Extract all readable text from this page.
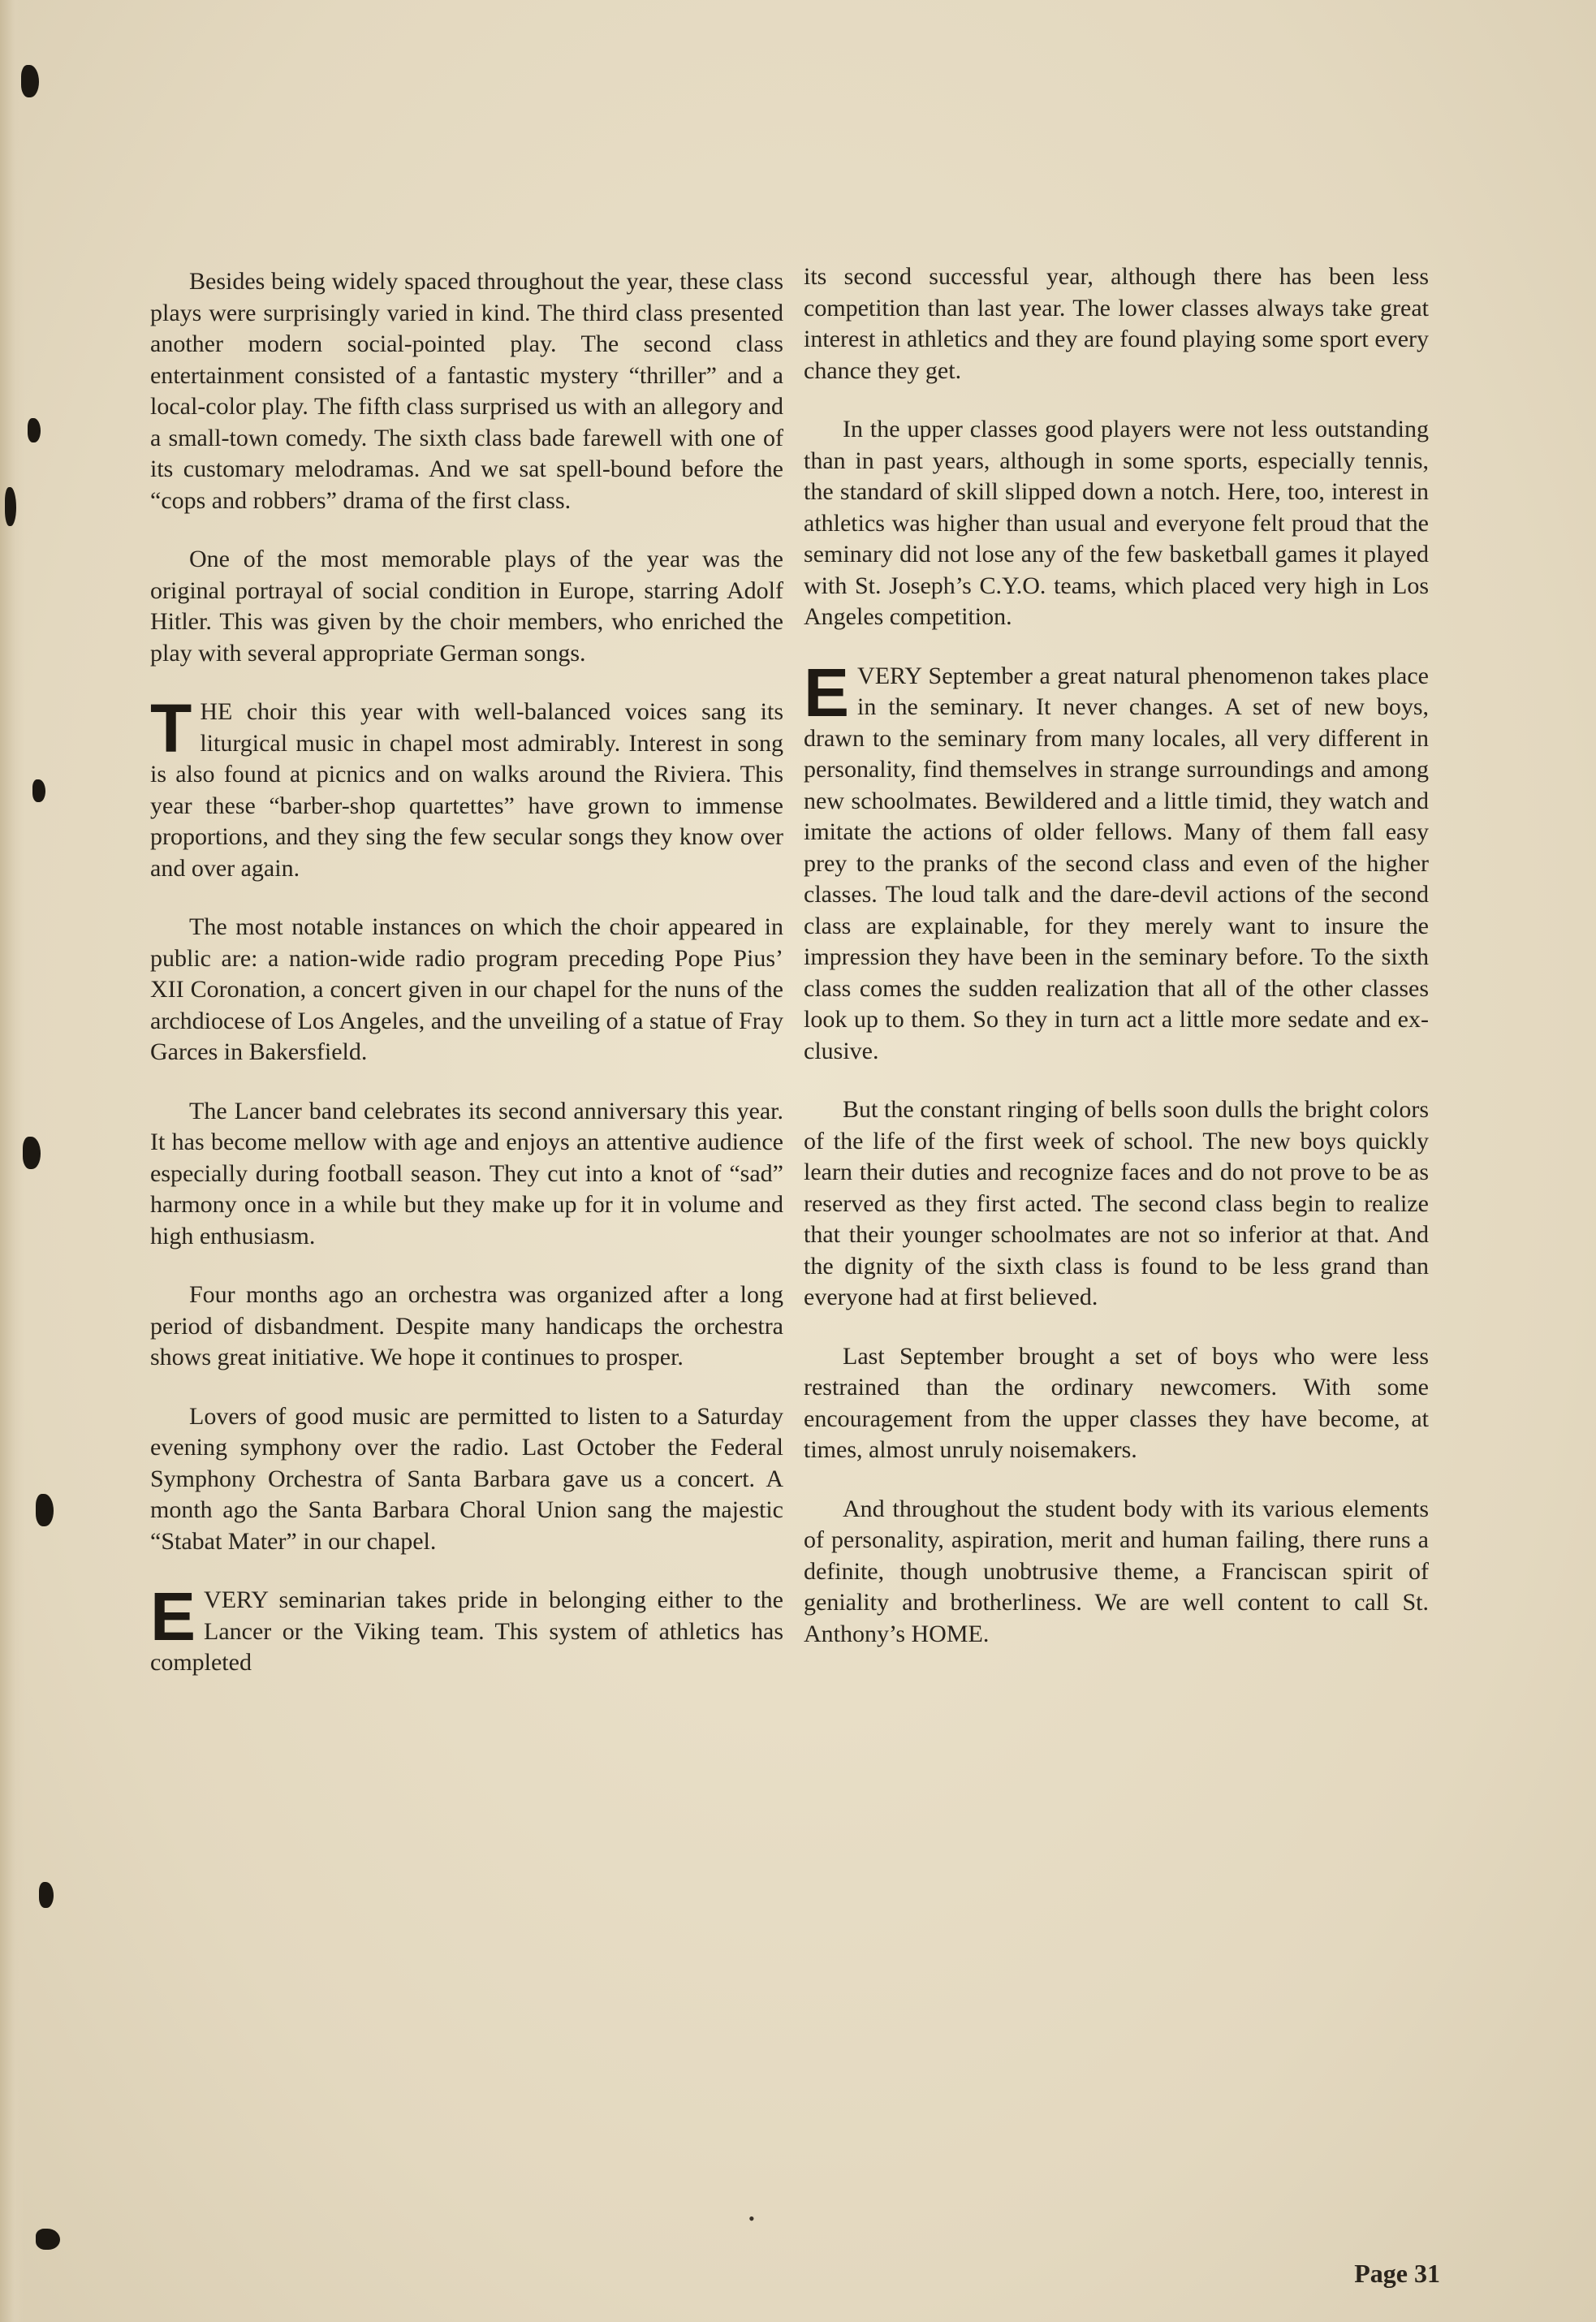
Besides being widely spaced throughout the year, these class plays were surprisingly varied in kind. The third class presented another modern social-pointed play. The second class entertainment consisted of a fantastic mystery “thriller” and a local-color play. The fifth class surprised us with an allegory and a small-town comedy. The sixth class bade farewell with one of its customary melodramas. And we sat spell-bound before the “cops and robbers” drama of the first class.

One of the most memorable plays of the year was the original portrayal of social condition in Europe, starring Adolf Hitler. This was given by the choir members, who enriched the play with several appropriate German songs.

THE choir this year with well-balanced voices sang its liturgical music in chapel most admirably. Interest in song is also found at picnics and on walks around the Riviera. This year these “barber-shop quartettes” have grown to immense proportions, and they sing the few secular songs they know over and over again.

The most notable instances on which the choir appeared in public are: a nation-wide radio program preceding Pope Pius’ XII Coronation, a concert given in our chapel for the nuns of the archdiocese of Los Angeles, and the unveiling of a statue of Fray Garces in Bakersfield.

The Lancer band celebrates its second anniversary this year. It has become mellow with age and enjoys an attentive audience especially during football season. They cut into a knot of “sad” harmony once in a while but they make up for it in volume and high enthusiasm.

Four months ago an orchestra was organized after a long period of disbandment. Despite many handicaps the orchestra shows great initiative. We hope it continues to prosper.

Lovers of good music are permitted to listen to a Saturday evening symphony over the radio. Last October the Federal Symphony Orchestra of Santa Barbara gave us a concert. A month ago the Santa Barbara Choral Union sang the majestic “Stabat Mater” in our chapel.

EVERY seminarian takes pride in belonging either to the Lancer or the Viking team. This system of athletics has completed

its second successful year, although there has been less competition than last year. The lower classes always take great interest in athletics and they are found playing some sport every chance they get.

In the upper classes good players were not less outstanding than in past years, although in some sports, especially tennis, the standard of skill slipped down a notch. Here, too, interest in athletics was higher than usual and everyone felt proud that the seminary did not lose any of the few basketball games it played with St. Joseph’s C.Y.O. teams, which placed very high in Los Angeles competition.

EVERY September a great natural phenomenon takes place in the seminary. It never changes. A set of new boys, drawn to the seminary from many locales, all very different in personality, find themselves in strange surroundings and among new schoolmates. Bewildered and a little timid, they watch and imitate the actions of older fellows. Many of them fall easy prey to the pranks of the second class and even of the higher classes. The loud talk and the dare-devil actions of the second class are explainable, for they merely want to insure the impression they have been in the seminary before. To the sixth class comes the sudden realization that all of the other classes look up to them. So they in turn act a little more sedate and exclusive.

But the constant ringing of bells soon dulls the bright colors of the life of the first week of school. The new boys quickly learn their duties and recognize faces and do not prove to be as reserved as they first acted. The second class begin to realize that their younger schoolmates are not so inferior at that. And the dignity of the sixth class is found to be less grand than everyone had at first believed.

Last September brought a set of boys who were less restrained than the ordinary newcomers. With some encouragement from the upper classes they have become, at times, almost unruly noisemakers.

And throughout the student body with its various elements of personality, aspiration, merit and human failing, there runs a definite, though unobtrusive theme, a Franciscan spirit of geniality and brotherliness. We are well content to call St. Anthony’s HOME.

•
Page 31
